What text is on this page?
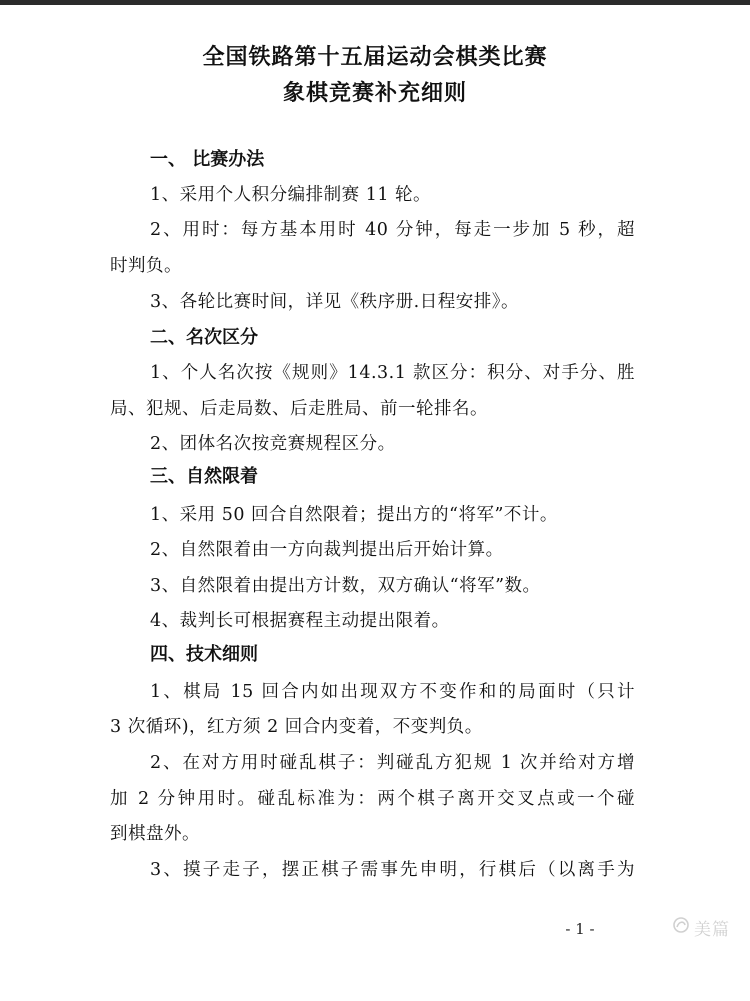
全国铁路第十五届运动会棋类比赛
象棋竞赛补充细则
一、 比赛办法
1、采用个人积分编排制赛 11 轮。
2、用时：每方基本用时 40 分钟，每走一步加 5 秒，超
时判负。
3、各轮比赛时间，详见《秩序册.日程安排》。
二、名次区分
1、个人名次按《规则》14.3.1 款区分：积分、对手分、胜
局、犯规、后走局数、后走胜局、前一轮排名。
2、团体名次按竞赛规程区分。
三、自然限着
1、采用 50 回合自然限着；提出方的“将军”不计。
2、自然限着由一方向裁判提出后开始计算。
3、自然限着由提出方计数，双方确认“将军”数。
4、裁判长可根据赛程主动提出限着。
四、技术细则
1、棋局 15 回合内如出现双方不变作和的局面时（只计
3 次循环)，红方须 2 回合内变着，不变判负。
2、在对方用时碰乱棋子：判碰乱方犯规 1 次并给对方增
加 2 分钟用时。碰乱标准为：两个棋子离开交叉点或一个碰
到棋盘外。
3、摸子走子，摆正棋子需事先申明，行棋后（以离手为
- 1 -	美篇
